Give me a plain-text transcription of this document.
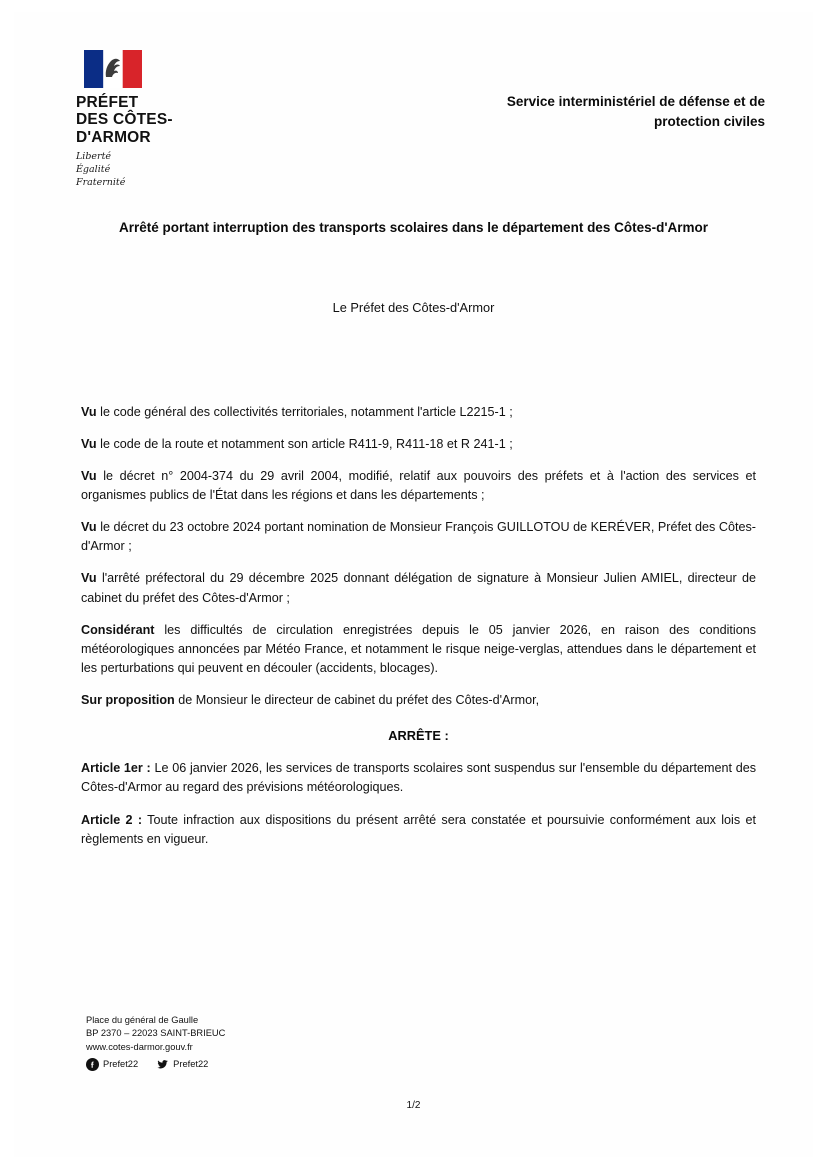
PRÉFET
DES CÔTES-
D'ARMOR
Liberté
Égalité
Fraternité
Service interministériel de défense et de protection civiles
Arrêté portant interruption des transports scolaires dans le département des Côtes-d'Armor
Le Préfet des Côtes-d'Armor

Vu le code général des collectivités territoriales, notamment l'article L2215-1 ;

Vu le code de la route et notamment son article R411-9, R411-18 et R 241-1 ;

Vu le décret n° 2004-374 du 29 avril 2004, modifié, relatif aux pouvoirs des préfets et à l'action des services et organismes publics de l'État dans les régions et dans les départements ;

Vu le décret du 23 octobre 2024 portant nomination de Monsieur François GUILLOTOU de KERÉVER, Préfet des Côtes-d'Armor ;

Vu l'arrêté préfectoral du 29 décembre 2025 donnant délégation de signature à Monsieur Julien AMIEL, directeur de cabinet du préfet des Côtes-d'Armor ;

Considérant les difficultés de circulation enregistrées depuis le 05 janvier 2026, en raison des conditions météorologiques annoncées par Météo France, et notamment le risque neige-verglas, attendues dans le département et les perturbations qui peuvent en découler (accidents, blocages).

Sur proposition de Monsieur le directeur de cabinet du préfet des Côtes-d'Armor,

ARRÊTE :

Article 1er : Le 06 janvier 2026, les services de transports scolaires sont suspendus sur l'ensemble du département des Côtes-d'Armor au regard des prévisions météorologiques.

Article 2 : Toute infraction aux dispositions du présent arrêté sera constatée et poursuivie conformément aux lois et règlements en vigueur.

Place du général de Gaulle
BP 2370 – 22023 SAINT-BRIEUC
www.cotes-darmor.gouv.fr
Prefet22	Prefet22
1/2
